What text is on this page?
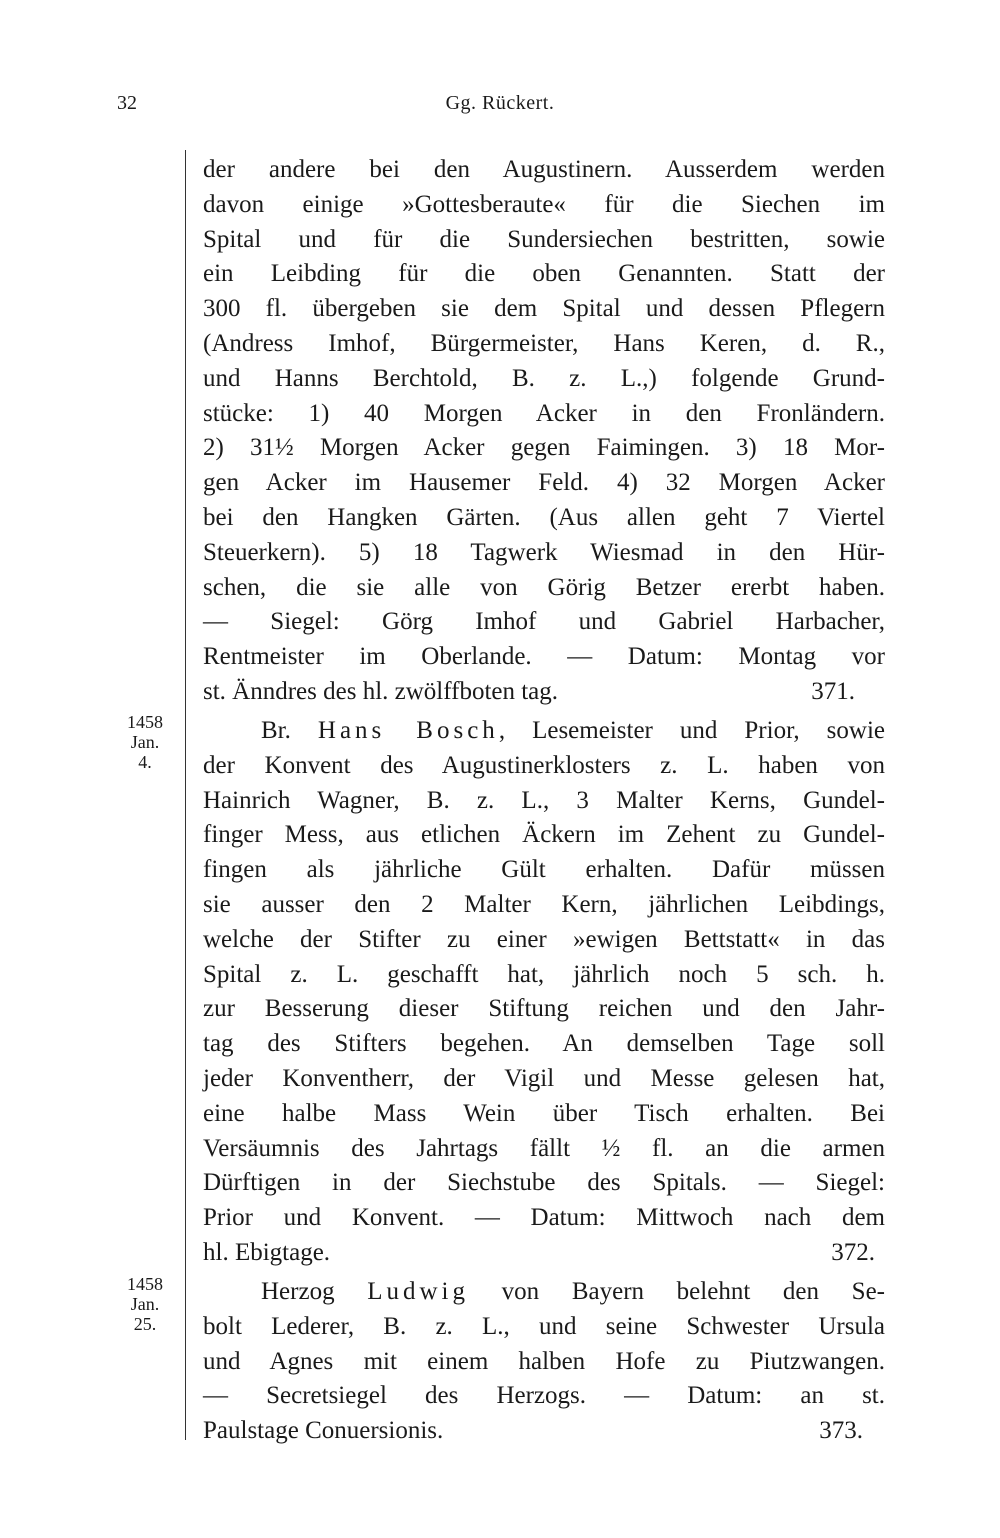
32	Gg. Rückert.
1458
Jan.
4.
1458
Jan.
25.
der andere bei den Augustinern. Ausserdem werden
davon einige »Gottesberaute« für die Siechen im
Spital und für die Sundersiechen bestritten, sowie
ein Leibding für die oben Genannten. Statt der
300 fl. übergeben sie dem Spital und dessen Pflegern
(Andress Imhof, Bürgermeister, Hans Keren, d. R.,
und Hanns Berchtold, B. z. L.,) folgende Grund-
stücke: 1) 40 Morgen Acker in den Fronländern.
2) 31½ Morgen Acker gegen Faimingen. 3) 18 Mor-
gen Acker im Hausemer Feld. 4) 32 Morgen Acker
bei den Hangken Gärten. (Aus allen geht 7 Viertel
Steuerkern). 5) 18 Tagwerk Wiesmad in den Hür-
schen, die sie alle von Görig Betzer ererbt haben.
— Siegel: Görg Imhof und Gabriel Harbacher,
Rentmeister im Oberlande. — Datum: Montag vor
st. Änndres des hl. zwölffboten tag.	371.
Br. Hans Bosch, Lesemeister und Prior, sowie
der Konvent des Augustinerklosters z. L. haben von
Hainrich Wagner, B. z. L., 3 Malter Kerns, Gundel-
finger Mess, aus etlichen Äckern im Zehent zu Gundel-
fingen als jährliche Gült erhalten. Dafür müssen
sie ausser den 2 Malter Kern, jährlichen Leibdings,
welche der Stifter zu einer »ewigen Bettstatt« in das
Spital z. L. geschafft hat, jährlich noch 5 sch. h.
zur Besserung dieser Stiftung reichen und den Jahr-
tag des Stifters begehen. An demselben Tage soll
jeder Konventherr, der Vigil und Messe gelesen hat,
eine halbe Mass Wein über Tisch erhalten. Bei
Versäumnis des Jahrtags fällt ½ fl. an die armen
Dürftigen in der Siechstube des Spitals. — Siegel:
Prior und Konvent. — Datum: Mittwoch nach dem
hl. Ebigtage.	372.
Herzog Ludwig von Bayern belehnt den Se-
bolt Lederer, B. z. L., und seine Schwester Ursula
und Agnes mit einem halben Hofe zu Piutzwangen.
— Secretsiegel des Herzogs. — Datum: an st.
Paulstage Conuersionis.	373.
